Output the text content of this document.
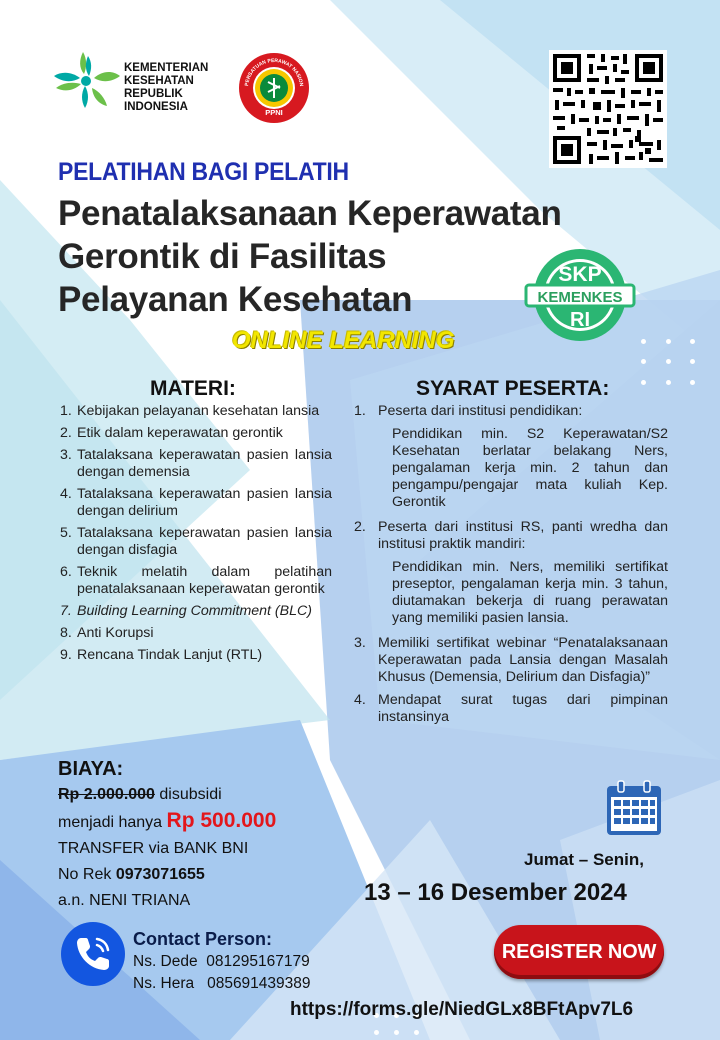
KEMENTERIAN
KESEHATAN
REPUBLIK
INDONESIA
PERSATUAN PERAWAT NASION
PPNI
PELATIHAN BAGI PELATIH
Penatalaksanaan Keperawatan
Gerontik di Fasilitas
Pelayanan Kesehatan
ONLINE LEARNING
SKP
KEMENKES
RI
MATERI:
1. Kebijakan pelayanan kesehatan lansia
2. Etik dalam keperawatan gerontik
3. Tatalaksana keperawatan pasien lansia dengan demensia
4. Tatalaksana keperawatan pasien lansia dengan delirium
5. Tatalaksana keperawatan pasien lansia dengan disfagia
6. Teknik melatih dalam pelatihan penatalaksanaan keperawatan gerontik
7. Building Learning Commitment (BLC)
8. Anti Korupsi
9. Rencana Tindak Lanjut (RTL)
SYARAT PESERTA:
1. Peserta dari institusi pendidikan:
Pendidikan min. S2 Keperawatan/S2 Kesehatan berlatar belakang Ners, pengalaman kerja min. 2 tahun dan pengampu/pengajar mata kuliah Kep. Gerontik
2. Peserta dari institusi RS, panti wredha dan institusi praktik mandiri:
Pendidikan min. Ners, memiliki sertifikat preseptor, pengalaman kerja min. 3 tahun, diutamakan bekerja di ruang perawatan yang memiliki pasien lansia.
3. Memiliki sertifikat webinar “Penatalaksanaan Keperawatan pada Lansia dengan Masalah Khusus (Demensia, Delirium dan Disfagia)”
4. Mendapat surat tugas dari pimpinan instansinya
BIAYA:
Rp 2.000.000 disubsidi
menjadi hanya Rp 500.000
TRANSFER via BANK BNI
No Rek 0973071655
a.n. NENI TRIANA
Jumat – Senin,
13 – 16 Desember 2024
Contact Person:
Ns. Dede 081295167179
Ns. Hera 085691439389
REGISTER NOW
https://forms.gle/NiedGLx8BFtApv7L6
